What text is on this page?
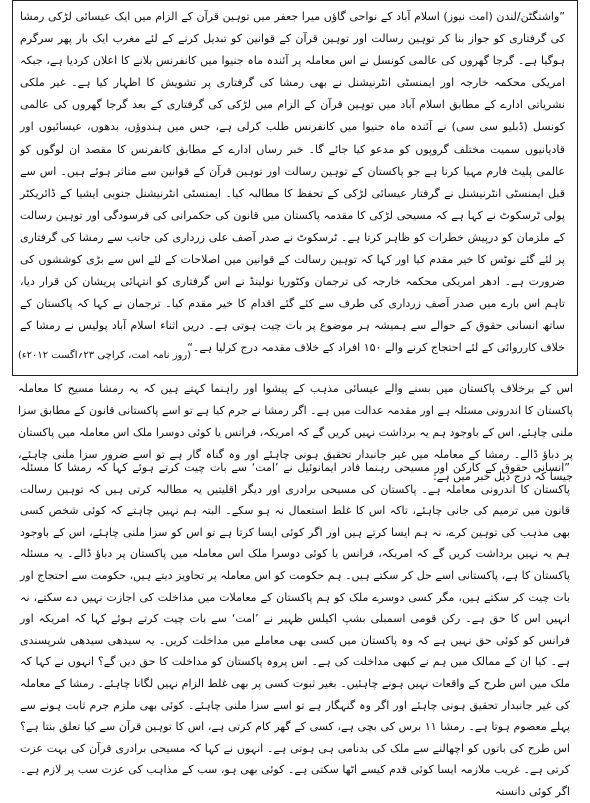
”واشنگٹن/لندن (امت نیوز) اسلام آباد کے نواحی گاؤں میرا جعفر میں توہین قرآن کے الزام میں ایک عیسائی لڑکی رمشا کی گرفتاری کو جواز بنا کر توہین رسالت اور توہین قرآن کے قوانین کو تبدیل کرنے کے لئے مغرب ایک بار پھر سرگرم ہوگیا ہے۔ گرجا گھروں کی عالمی کونسل نے اس معاملہ پر آئندہ ماہ جنیوا میں کانفرنس بلانے کا اعلان کردیا ہے، جبکہ امریکی محکمہ خارجہ اور ایمنسٹی انٹرنیشنل نے بھی رمشا کی گرفتاری پر تشویش کا اظہار کیا ہے۔ غیر ملکی نشریاتی ادارے کے مطابق اسلام آباد میں توہین قرآن کے الزام میں لڑکی کی گرفتاری کے بعد گرجا گھروں کی عالمی کونسل (ڈبلیو سی سی) نے آئندہ ماہ جنیوا میں کانفرنس طلب کرلی ہے، جس میں ہندوؤں، بدھوں، عیسائیوں اور قادیانیوں سمیت مختلف گروپوں کو مدعو کیا جائے گا۔ خبر رساں ادارے کے مطابق کانفرنس کا مقصد ان لوگوں کو عالمی پلیٹ فارم مہیا کرنا ہے جو پاکستان کے توہین رسالت اور توہین قرآن کے قوانین سے متاثر ہوئے ہیں۔ اس سے قبل ایمنسٹی انٹرنیشنل نے گرفتار عیسائی لڑکی کے تحفظ کا مطالبہ کیا۔ ایمنسٹی انٹرنیشنل جنوبی ایشیا کے ڈائریکٹر پولی ٹرسکوٹ نے کہا ہے کہ مسیحی لڑکی کا مقدمہ پاکستان میں قانون کی حکمرانی کی فرسودگی اور توہین رسالت کے ملزمان کو درپیش خطرات کو ظاہر کرتا ہے۔ ٹرسکوٹ نے صدر آصف علی زرداری کی جانب سے رمشا کی گرفتاری پر لئے گئے نوٹس کا خیر مقدم کیا اور کہا کہ توہین رسالت کے قوانین میں اصلاحات کے لئے اس سے بڑی کوششوں کی ضرورت ہے۔ ادھر امریکی محکمہ خارجہ کی ترجمان وکٹوریا نولینڈ نے اس گرفتاری کو انتہائی پریشان کن قرار دیا، تاہم اس بارے میں صدر آصف زرداری کی طرف سے کئے گئے اقدام کا خیر مقدم کیا۔ ترجمان نے کہا کہ پاکستان کے ساتھ انسانی حقوق کے حوالے سے ہمیشہ ہر موضوع پر بات چیت ہوتی ہے۔ دریں اثناء اسلام آباد پولیس نے رمشا کے خلاف کارروائی کے لئے احتجاج کرنے والے ۱۵۰ افراد کے خلاف مقدمہ درج کرلیا ہے۔“

(روز نامہ امت، کراچی ۲۳؍اگست ۲۰۱۲ء)

اس کے برخلاف پاکستان میں بسنے والے عیسائی مذہب کے پیشوا اور راہنما کہتے ہیں کہ یہ رمشا مسیح کا معاملہ پاکستان کا اندرونی مسئلہ ہے اور مقدمہ عدالت میں ہے۔ اگر رمشا نے جرم کیا ہے تو اسے پاکستانی قانون کے مطابق سزا ملنی چاہئے، اس کے باوجود ہم یہ برداشت نہیں کریں گے کہ امریکہ، فرانس یا کوئی دوسرا ملک اس معاملہ میں پاکستان پر دباؤ ڈالے۔ رمشا کے معاملہ میں غیر جانبدار تحقیق ہونی چاہئے اور وہ گناہ گار ہے تو اسے ضرور سزا ملنی چاہئے، جیسا کہ درج ذیل خبر میں ہے:

”انسانی حقوق کے کارکن اور مسیحی رہنما فادر ایمانوئیل نے ’امت‘ سے بات چیت کرتے ہوئے کہا کہ رمشا کا مسئلہ پاکستان کا اندرونی معاملہ ہے۔ پاکستان کی مسیحی برادری اور دیگر اقلیتیں یہ مطالبہ کرتی ہیں کہ توہین رسالت قانون میں ترمیم کی جانی چاہئے، تاکہ اس کا غلط استعمال نہ ہو سکے۔ البتہ ہم نہیں چاہتے کہ کوئی شخص کسی بھی مذہب کی توہین کرے، نہ ہم ایسا کرتے ہیں اور اگر کوئی ایسا کرتا ہے تو اس کو سزا ملنی چاہئے، اس کے باوجود ہم یہ نہیں برداشت کریں گے کہ امریکہ، فرانس یا کوئی دوسرا ملک اس معاملہ میں پاکستان پر دباؤ ڈالے۔ یہ مسئلہ پاکستان کا ہے، پاکستانی اسے حل کر سکتے ہیں۔ ہم حکومت کو اس معاملہ پر تجاویز دیتے ہیں، حکومت سے احتجاج اور بات چیت کر سکتے ہیں، مگر کسی دوسرے ملک کو ہم پاکستان کے معاملات میں مداخلت کی اجازت نہیں دے سکتے، نہ انہیں اس کا حق ہے۔ رکن قومی اسمبلی بشپ اکیلس ظہیر نے ’امت‘ سے بات چیت کرتے ہوئے کہا کہ امریکہ اور فرانس کو کوئی حق نہیں ہے کہ وہ پاکستان میں کسی بھی معاملے میں مداخلت کریں۔ یہ سیدھی سیدھی شرپسندی ہے۔ کیا ان کے ممالک میں ہم نے کبھی مداخلت کی ہے۔ اس پروہ پاکستان کو مداخلت کا حق دیں گے؟ انہوں نے کہا کہ ملک میں اس طرح کے واقعات نہیں ہونے چاہئیں۔ بغیر ثبوت کسی پر بھی غلط الزام نہیں لگانا چاہئے۔ رمشا کے معاملہ کی غیر جانبدار تحقیق ہونی چاہئے اور اگر وہ گنہگار ہے تو اسے سزا ملنی چاہئے۔ کوئی بھی ملزم جرم ثابت ہونے سے پہلے معصوم ہوتا ہے۔ رمشا ۱۱ برس کی بچی ہے، کسی کے گھر کام کرتی ہے، اس کا توہین قرآن سے کیا تعلق بنتا ہے؟ اس طرح کی باتوں کو اچھالنے سے ملک کی بدنامی ہی ہوتی ہے۔ انہوں نے کہا کہ مسیحی برادری قرآن کی بہت عزت کرتی ہے۔ غریب ملازمہ ایسا کوئی قدم کیسے اٹھا سکتی ہے۔ کوئی بھی ہو، سب کے مذاہب کی عزت سب پر لازم ہے۔ اگر کوئی دانستہ
